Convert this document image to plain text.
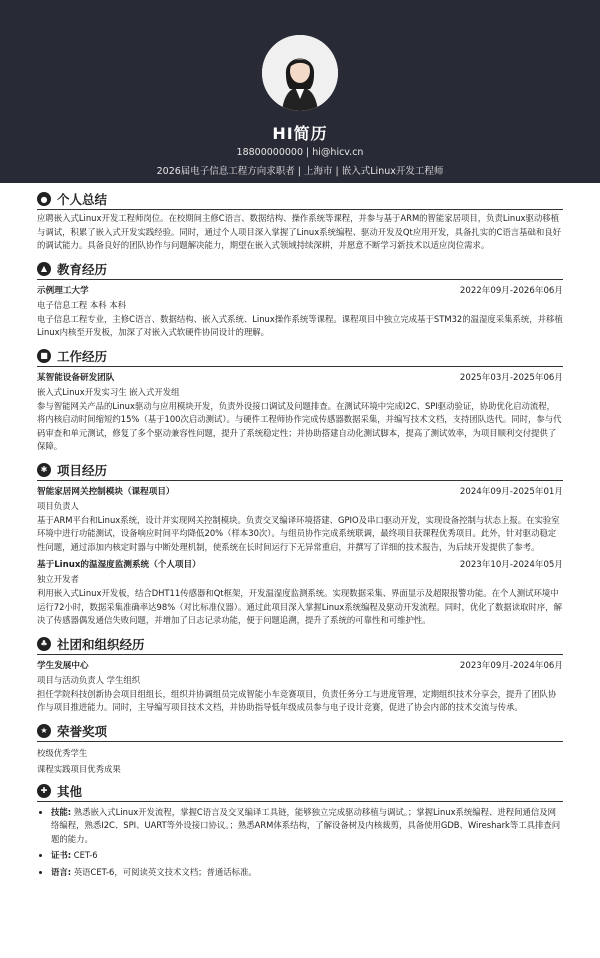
HI简历
18800000000 | hi@hicv.cn
2026届电子信息工程方向求职者 | 上海市 | 嵌入式Linux开发工程师
● 个人总结

应聘嵌入式Linux开发工程师岗位。在校期间主修C语言、数据结构、操作系统等课程，并参与基于ARM的智能家居项目，负责Linux驱动移植与调试，积累了嵌入式开发实践经验。同时，通过个人项目深入掌握了Linux系统编程、驱动开发及Qt应用开发，具备扎实的C语言基础和良好的调试能力。具备良好的团队协作与问题解决能力，期望在嵌入式领域持续深耕，并愿意不断学习新技术以适应岗位需求。

▲ 教育经历
示例理工大学	2022年09月-2026年06月
电子信息工程 本科 本科

电子信息工程专业，主修C语言、数据结构、嵌入式系统、Linux操作系统等课程。课程项目中独立完成基于STM32的温湿度采集系统，并移植Linux内核至开发板，加深了对嵌入式软硬件协同设计的理解。

■ 工作经历
某智能设备研发团队	2025年03月-2025年06月
嵌入式Linux开发实习生 嵌入式开发组

参与智能网关产品的Linux驱动与应用模块开发，负责外设接口调试及问题排查。在测试环境中完成I2C、SPI驱动验证，协助优化启动流程，将内核启动时间缩短约15%（基于100次启动测试）。与硬件工程师协作完成传感器数据采集，并编写技术文档，支持团队迭代。同时，参与代码审查和单元测试，修复了多个驱动兼容性问题，提升了系统稳定性；并协助搭建自动化测试脚本，提高了测试效率，为项目顺利交付提供了保障。

✱ 项目经历
智能家居网关控制模块（课程项目）	2024年09月-2025年01月
项目负责人

基于ARM平台和Linux系统，设计并实现网关控制模块。负责交叉编译环境搭建、GPIO及串口驱动开发，实现设备控制与状态上报。在实验室环境中进行功能测试，设备响应时间平均降低20%（样本30次）。与组员协作完成系统联调，最终项目获课程优秀项目。此外，针对驱动稳定性问题，通过添加内核定时器与中断处理机制，使系统在长时间运行下无异常重启，并撰写了详细的技术报告，为后续开发提供了参考。

基于Linux的温湿度监测系统（个人项目）	2023年10月-2024年05月
独立开发者

利用嵌入式Linux开发板，结合DHT11传感器和Qt框架，开发温湿度监测系统。实现数据采集、界面显示及超限报警功能。在个人测试环境中运行72小时，数据采集准确率达98%（对比标准仪器）。通过此项目深入掌握Linux系统编程及驱动开发流程。同时，优化了数据读取时序，解决了传感器偶发通信失败问题，并增加了日志记录功能，便于问题追溯，提升了系统的可靠性和可维护性。

♣ 社团和组织经历
学生发展中心	2023年09月-2024年06月
项目与活动负责人 学生组织

担任学院科技创新协会项目组组长，组织并协调组员完成智能小车竞赛项目，负责任务分工与进度管理，定期组织技术分享会，提升了团队协作与项目推进能力。同时，主导编写项目技术文档，并协助指导低年级成员参与电子设计竞赛，促进了协会内部的技术交流与传承。

★ 荣誉奖项
校级优秀学生
课程实践项目优秀成果
✚ 其他
• 技能: 熟悉嵌入式Linux开发流程，掌握C语言及交叉编译工具链，能够独立完成驱动移植与调试。；掌握Linux系统编程、进程间通信及网络编程，熟悉I2C、SPI、UART等外设接口协议。；熟悉ARM体系结构，了解设备树及内核裁剪，具备使用GDB、Wireshark等工具排查问题的能力。
• 证书: CET-6
• 语言: 英语CET-6，可阅读英文技术文档；普通话标准。
